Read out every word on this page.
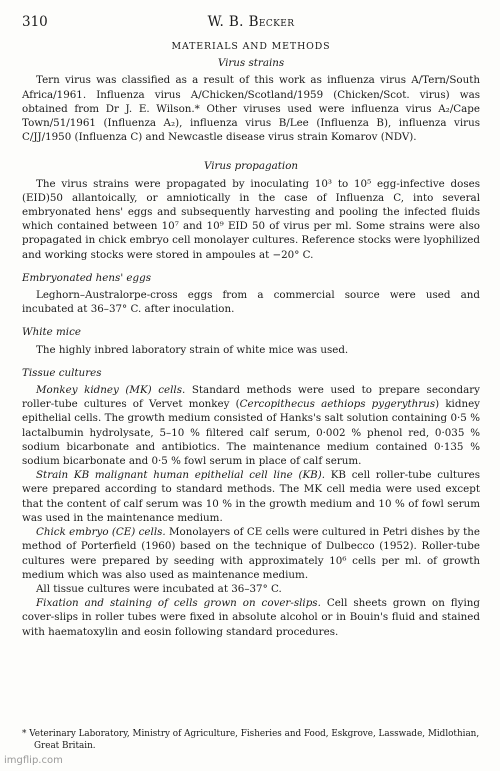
310	W. B. Becker
MATERIALS AND METHODS
Virus strains

Tern virus was classified as a result of this work as influenza virus A/Tern/South Africa/1961. Influenza virus A/Chicken/Scotland/1959 (Chicken/Scot. virus) was obtained from Dr J. E. Wilson.* Other viruses used were influenza virus A₂/Cape Town/51/1961 (Influenza A₂), influenza virus B/Lee (Influenza B), influenza virus C/JJ/1950 (Influenza C) and Newcastle disease virus strain Komarov (NDV).

Virus propagation

The virus strains were propagated by inoculating 10³ to 10⁵ egg-infective doses (EID)50 allantoically, or amniotically in the case of Influenza C, into several embryonated hens' eggs and subsequently harvesting and pooling the infected fluids which contained between 10⁷ and 10⁹ EID 50 of virus per ml. Some strains were also propagated in chick embryo cell monolayer cultures. Reference stocks were lyophilized and working stocks were stored in ampoules at −20° C.

Embryonated hens' eggs

Leghorn–Australorpe-cross eggs from a commercial source were used and incubated at 36–37° C. after inoculation.

White mice

The highly inbred laboratory strain of white mice was used.

Tissue cultures

Monkey kidney (MK) cells. Standard methods were used to prepare secondary roller-tube cultures of Vervet monkey (Cercopithecus aethiops pygerythrus) kidney epithelial cells. The growth medium consisted of Hanks's salt solution containing 0·5 % lactalbumin hydrolysate, 5–10 % filtered calf serum, 0·002 % phenol red, 0·035 % sodium bicarbonate and antibiotics. The maintenance medium contained 0·135 % sodium bicarbonate and 0·5 % fowl serum in place of calf serum.

Strain KB malignant human epithelial cell line (KB). KB cell roller-tube cultures were prepared according to standard methods. The MK cell media were used except that the content of calf serum was 10 % in the growth medium and 10 % of fowl serum was used in the maintenance medium.

Chick embryo (CE) cells. Monolayers of CE cells were cultured in Petri dishes by the method of Porterfield (1960) based on the technique of Dulbecco (1952). Roller-tube cultures were prepared by seeding with approximately 10⁶ cells per ml. of growth medium which was also used as maintenance medium.

All tissue cultures were incubated at 36–37° C.

Fixation and staining of cells grown on cover-slips. Cell sheets grown on flying cover-slips in roller tubes were fixed in absolute alcohol or in Bouin's fluid and stained with haematoxylin and eosin following standard procedures.

* Veterinary Laboratory, Ministry of Agriculture, Fisheries and Food, Eskgrove, Lasswade, Midlothian, Great Britain.
imgflip.com
